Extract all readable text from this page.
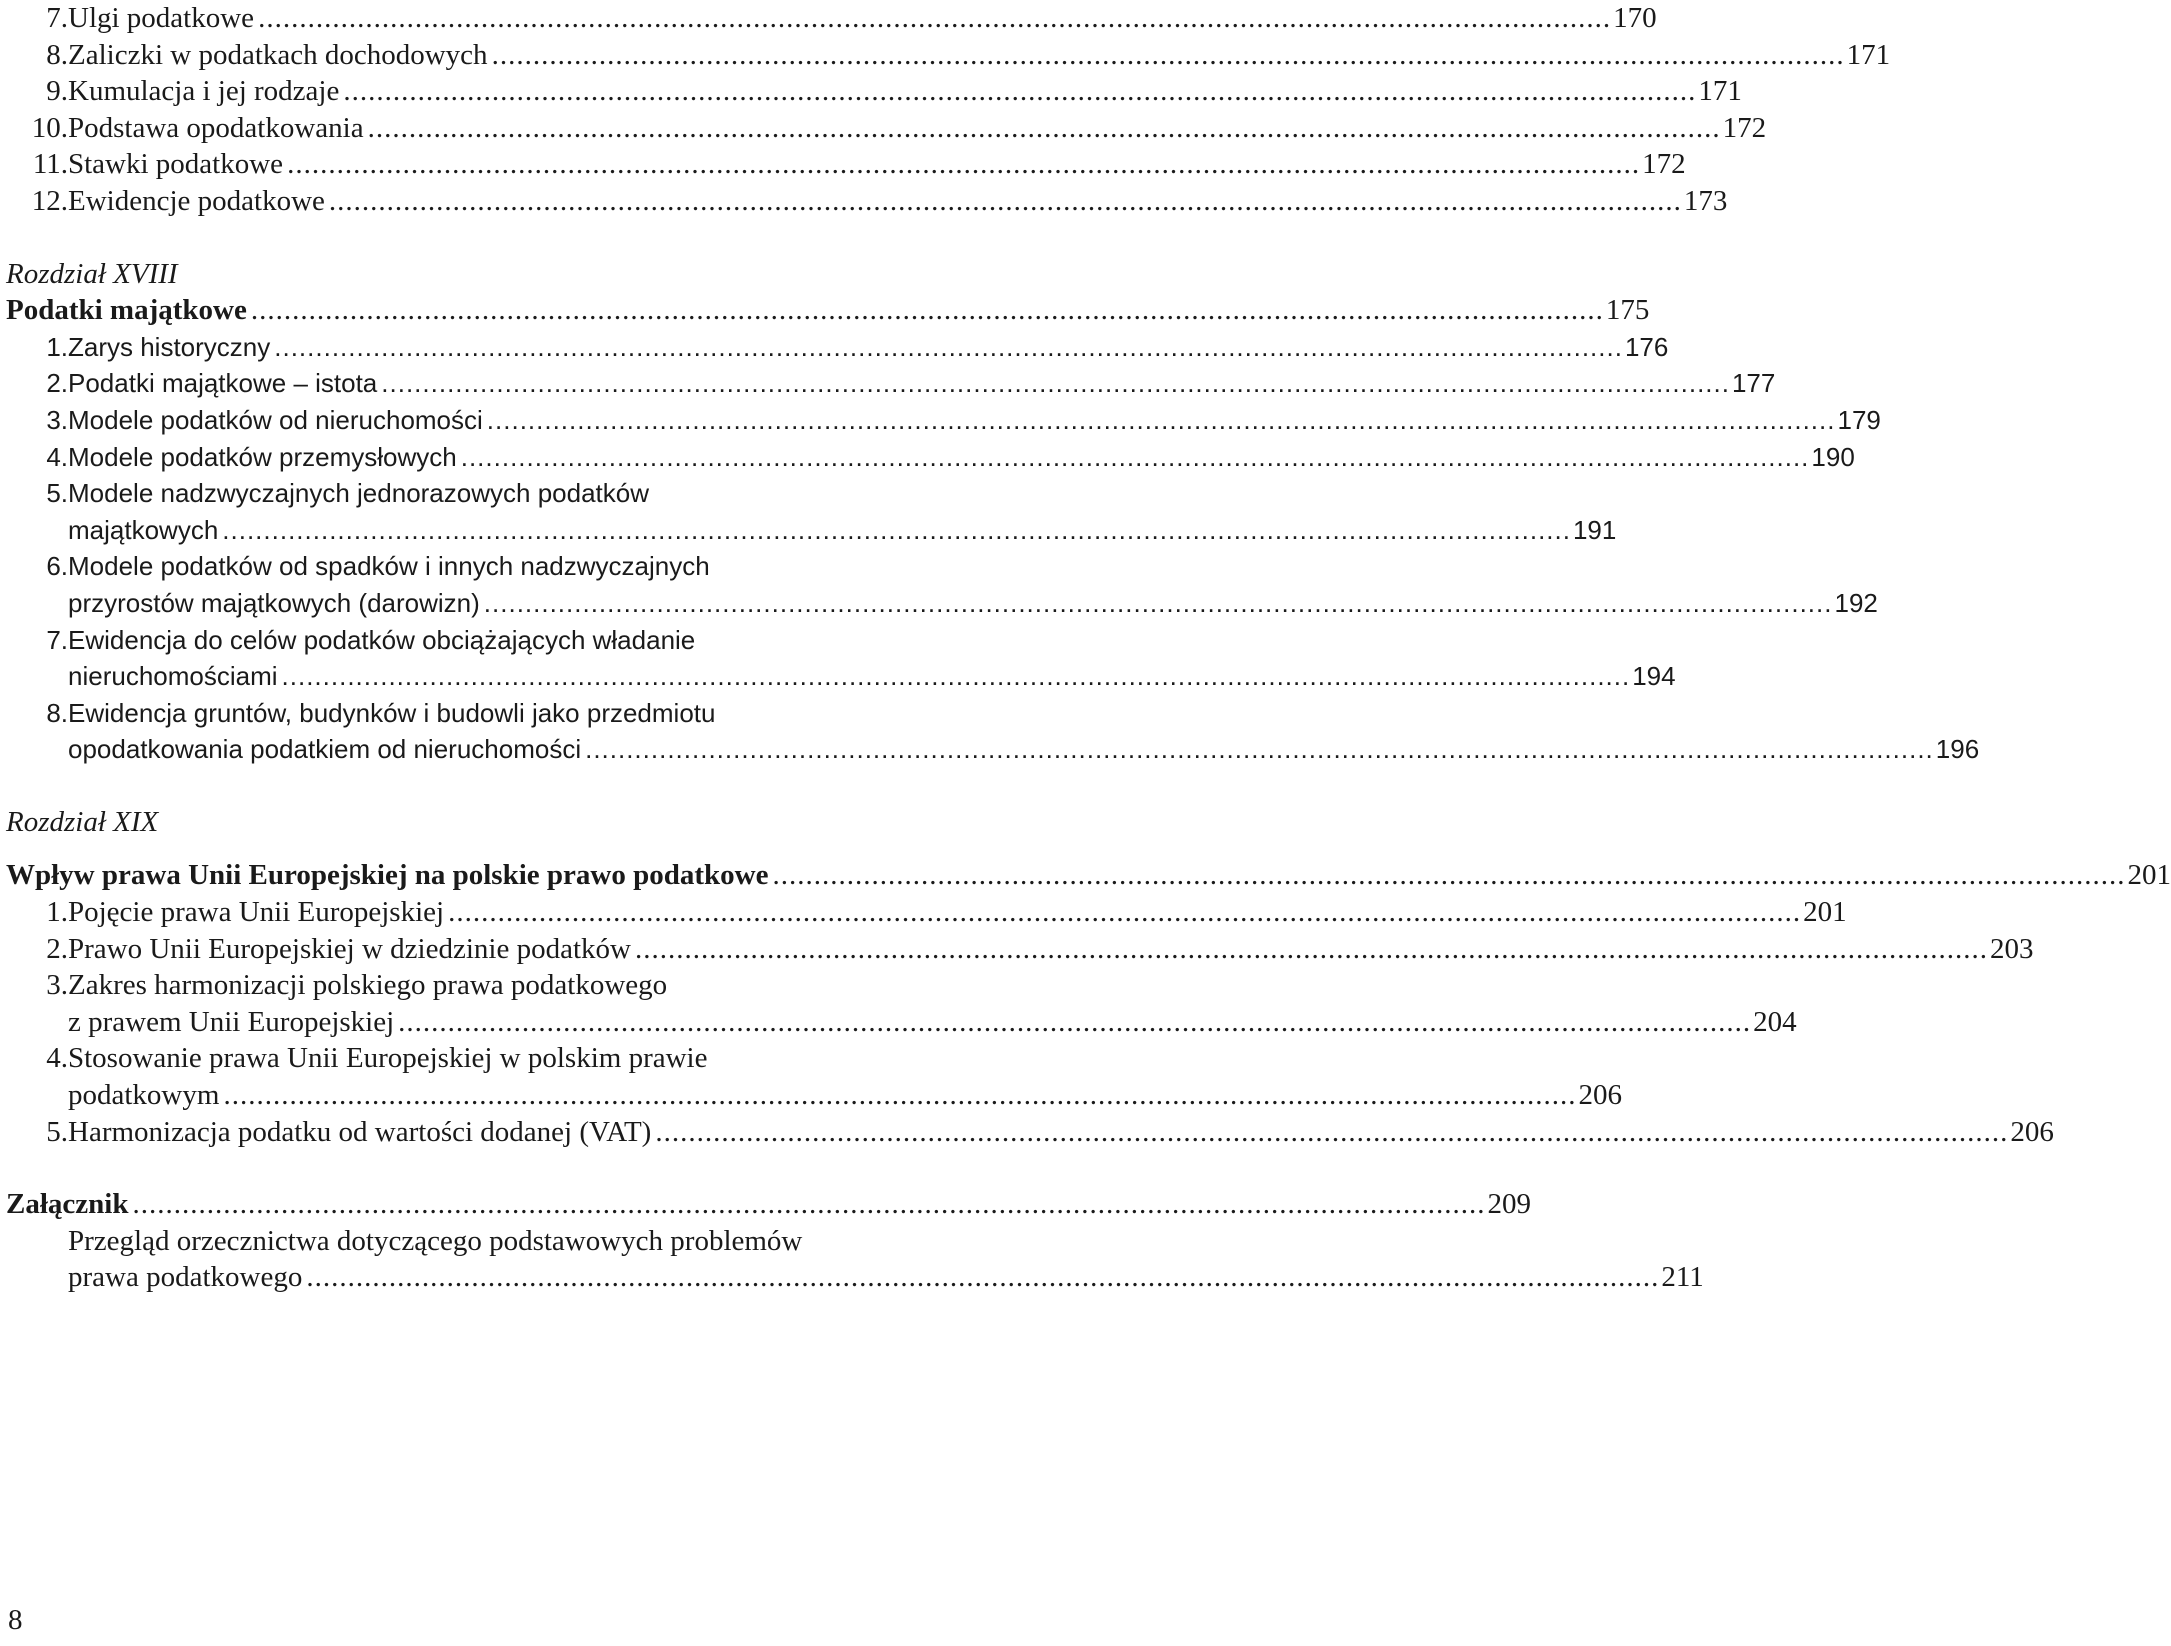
7. Ulgi podatkowe .................................................................................................................................................................... 170
8. Zaliczki w podatkach dochodowych .................................................................................................................................................................... 171
9. Kumulacja i jej rodzaje .................................................................................................................................................................... 171
10. Podstawa opodatkowania .................................................................................................................................................................... 172
11. Stawki podatkowe .................................................................................................................................................................... 172
12. Ewidencje podatkowe .................................................................................................................................................................... 173
Rozdział XVIII
Podatki majątkowe .................................................................................................................................................................... 175
1. Zarys historyczny .................................................................................................................................................................... 176
2. Podatki majątkowe – istota .................................................................................................................................................................... 177
3. Modele podatków od nieruchomości .................................................................................................................................................................... 179
4. Modele podatków przemysłowych .................................................................................................................................................................... 190
5. Modele nadzwyczajnych jednorazowych podatków
majątkowych .................................................................................................................................................................... 191
6. Modele podatków od spadków i innych nadzwyczajnych
przyrostów majątkowych (darowizn) .................................................................................................................................................................... 192
7. Ewidencja do celów podatków obciążających władanie
nieruchomościami .................................................................................................................................................................... 194
8. Ewidencja gruntów, budynków i budowli jako przedmiotu
opodatkowania podatkiem od nieruchomości .................................................................................................................................................................... 196
Rozdział XIX
Wpływ prawa Unii Europejskiej na polskie prawo podatkowe .................................................................................................................................................................... 201
1. Pojęcie prawa Unii Europejskiej .................................................................................................................................................................... 201
2. Prawo Unii Europejskiej w dziedzinie podatków .................................................................................................................................................................... 203
3. Zakres harmonizacji polskiego prawa podatkowego
z prawem Unii Europejskiej .................................................................................................................................................................... 204
4. Stosowanie prawa Unii Europejskiej w polskim prawie
podatkowym .................................................................................................................................................................... 206
5. Harmonizacja podatku od wartości dodanej (VAT) .................................................................................................................................................................... 206
Załącznik .................................................................................................................................................................... 209
Przegląd orzecznictwa dotyczącego podstawowych problemów
prawa podatkowego .................................................................................................................................................................... 211
8
